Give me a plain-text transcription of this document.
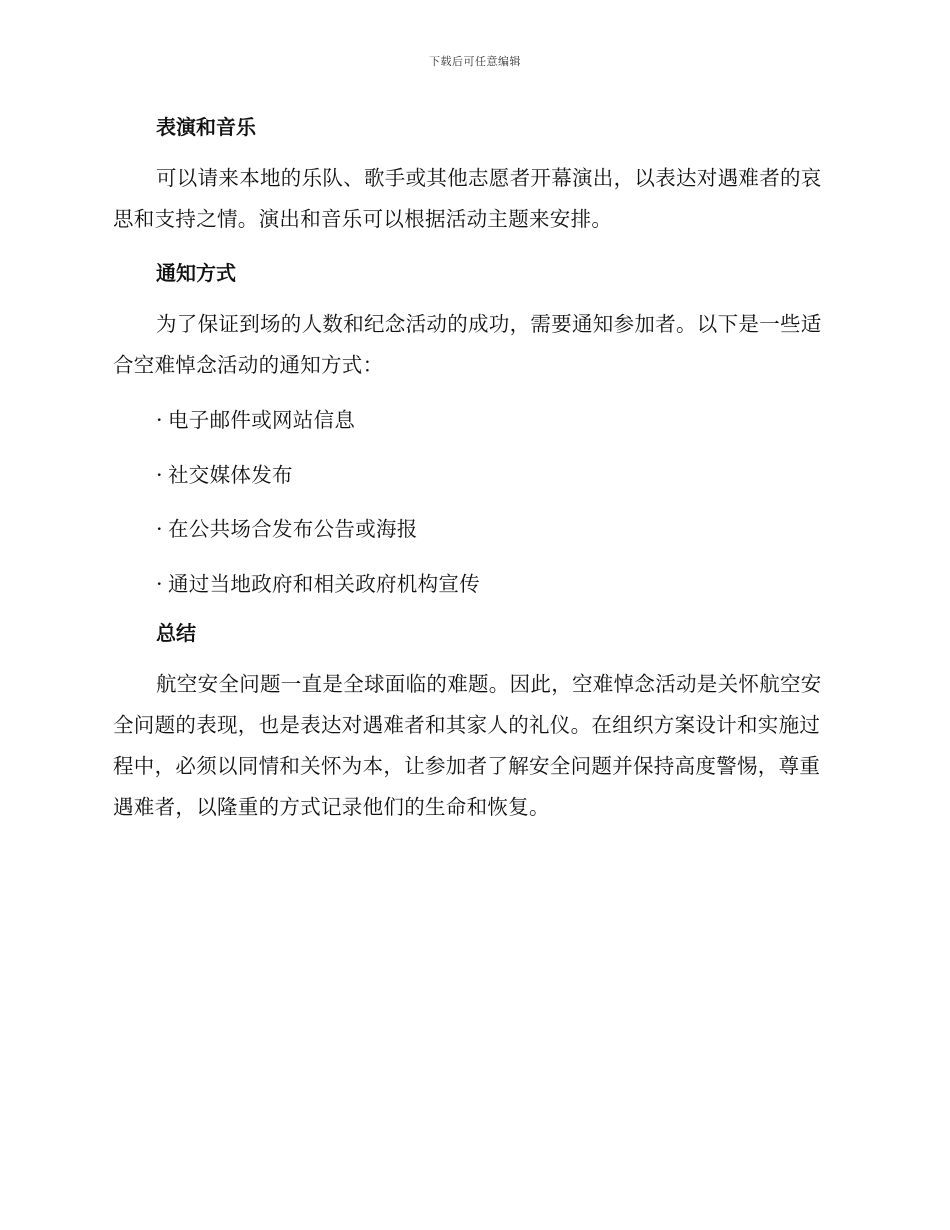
下载后可任意编辑
表演和音乐

可以请来本地的乐队、歌手或其他志愿者开幕演出，以表达对遇难者的哀思和支持之情。演出和音乐可以根据活动主题来安排。

通知方式

为了保证到场的人数和纪念活动的成功，需要通知参加者。以下是一些适合空难悼念活动的通知方式：

· 电子邮件或网站信息
· 社交媒体发布
· 在公共场合发布公告或海报
· 通过当地政府和相关政府机构宣传
总结

航空安全问题一直是全球面临的难题。因此，空难悼念活动是关怀航空安全问题的表现，也是表达对遇难者和其家人的礼仪。在组织方案设计和实施过程中，必须以同情和关怀为本，让参加者了解安全问题并保持高度警惕，尊重遇难者，以隆重的方式记录他们的生命和恢复。
